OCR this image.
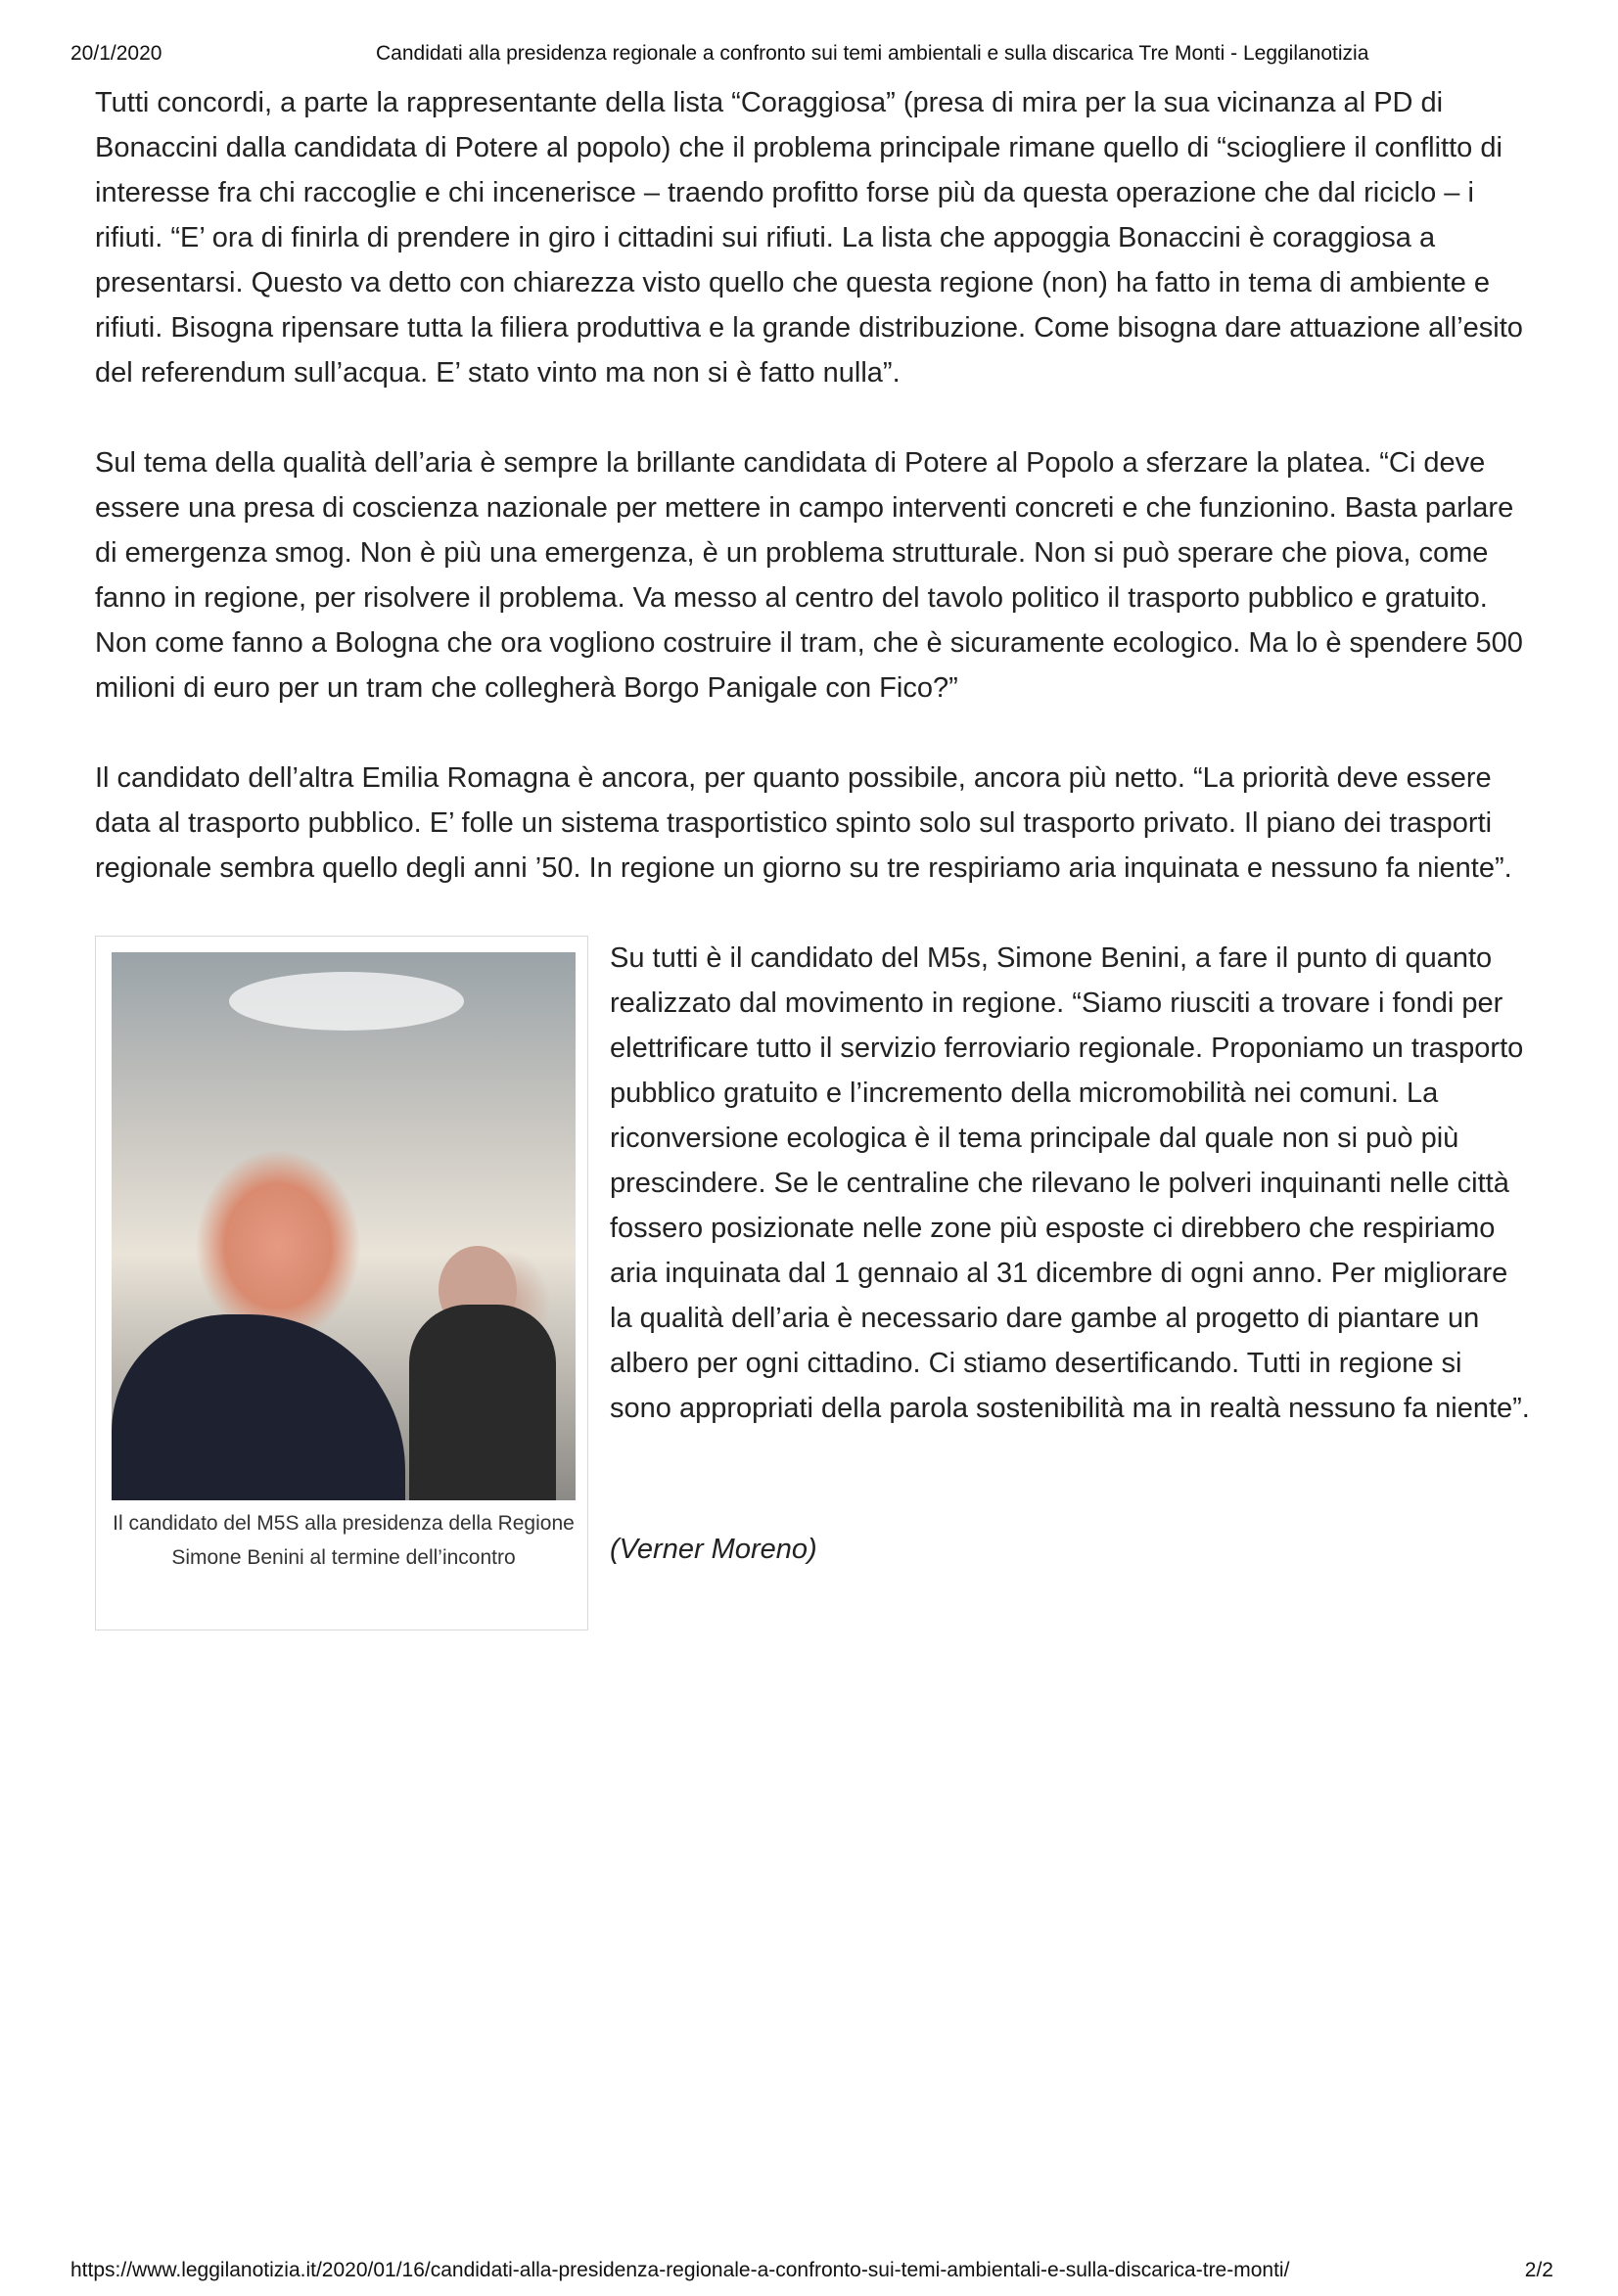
20/1/2020	Candidati alla presidenza regionale a confronto sui temi ambientali e sulla discarica Tre Monti - Leggilanotizia

Tutti concordi, a parte la rappresentante della lista “Coraggiosa” (presa di mira per la sua vicinanza al PD di Bonaccini dalla candidata di Potere al popolo) che il problema principale rimane quello di “sciogliere il conflitto di interesse fra chi raccoglie e chi incenerisce – traendo profitto forse più da questa operazione che dal riciclo – i rifiuti. “E’ ora di finirla di prendere in giro i cittadini sui rifiuti. La lista che appoggia Bonaccini è coraggiosa a presentarsi. Questo va detto con chiarezza visto quello che questa regione (non) ha fatto in tema di ambiente e rifiuti. Bisogna ripensare tutta la filiera produttiva e la grande distribuzione. Come bisogna dare attuazione all’esito del referendum sull’acqua. E’ stato vinto ma non si è fatto nulla”.

Sul tema della qualità dell’aria è sempre la brillante candidata di Potere al Popolo a sferzare la platea. “Ci deve essere una presa di coscienza nazionale per mettere in campo interventi concreti e che funzionino. Basta parlare di emergenza smog. Non è più una emergenza, è un problema strutturale. Non si può sperare che piova, come fanno in regione, per risolvere il problema. Va messo al centro del tavolo politico il trasporto pubblico e gratuito. Non come fanno a Bologna che ora vogliono costruire il tram, che è sicuramente ecologico. Ma lo è spendere 500 milioni di euro per un tram che collegherà Borgo Panigale con Fico?”

Il candidato dell’altra Emilia Romagna è ancora, per quanto possibile, ancora più netto. “La priorità deve essere data al trasporto pubblico. E’ folle un sistema trasportistico spinto solo sul trasporto privato. Il piano dei trasporti regionale sembra quello degli anni ’50. In regione un giorno su tre respiriamo aria inquinata e nessuno fa niente”.

Il candidato del M5S alla presidenza della Regione Simone Benini al termine dell’incontro

Su tutti è il candidato del M5s, Simone Benini, a fare il punto di quanto realizzato dal movimento in regione. “Siamo riusciti a trovare i fondi per elettrificare tutto il servizio ferroviario regionale. Proponiamo un trasporto pubblico gratuito e l’incremento della micromobilità nei comuni. La riconversione ecologica è il tema principale dal quale non si può più prescindere. Se le centraline che rilevano le polveri inquinanti nelle città fossero posizionate nelle zone più esposte ci direbbero che respiriamo aria inquinata dal 1 gennaio al 31 dicembre di ogni anno. Per migliorare la qualità dell’aria è necessario dare gambe al progetto di piantare un albero per ogni cittadino. Ci stiamo desertificando. Tutti in regione si sono appropriati della parola sostenibilità ma in realtà nessuno fa niente”.

(Verner Moreno)

https://www.leggilanotizia.it/2020/01/16/candidati-alla-presidenza-regionale-a-confronto-sui-temi-ambientali-e-sulla-discarica-tre-monti/	2/2
